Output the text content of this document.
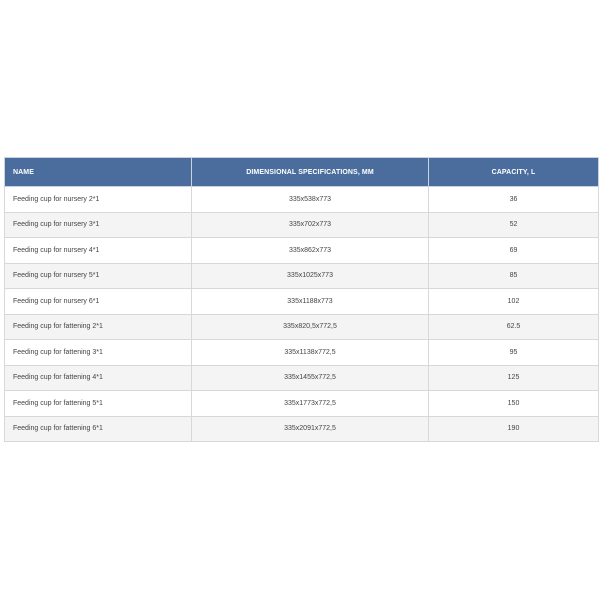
NAME	DIMENSIONAL SPECIFICATIONS, MM	CAPACITY, L
Feeding cup for nursery 2*1	335x538x773	36
Feeding cup for nursery 3*1	335x702x773	52
Feeding cup for nursery 4*1	335x862x773	69
Feeding cup for nursery 5*1	335x1025x773	85
Feeding cup for nursery 6*1	335x1188x773	102
Feeding cup for fattening 2*1	335x820,5x772,5	62.5
Feeding cup for fattening 3*1	335x1138x772,5	95
Feeding cup for fattening 4*1	335x1455x772,5	125
Feeding cup for fattening 5*1	335x1773x772,5	150
Feeding cup for fattening 6*1	335x2091x772,5	190
